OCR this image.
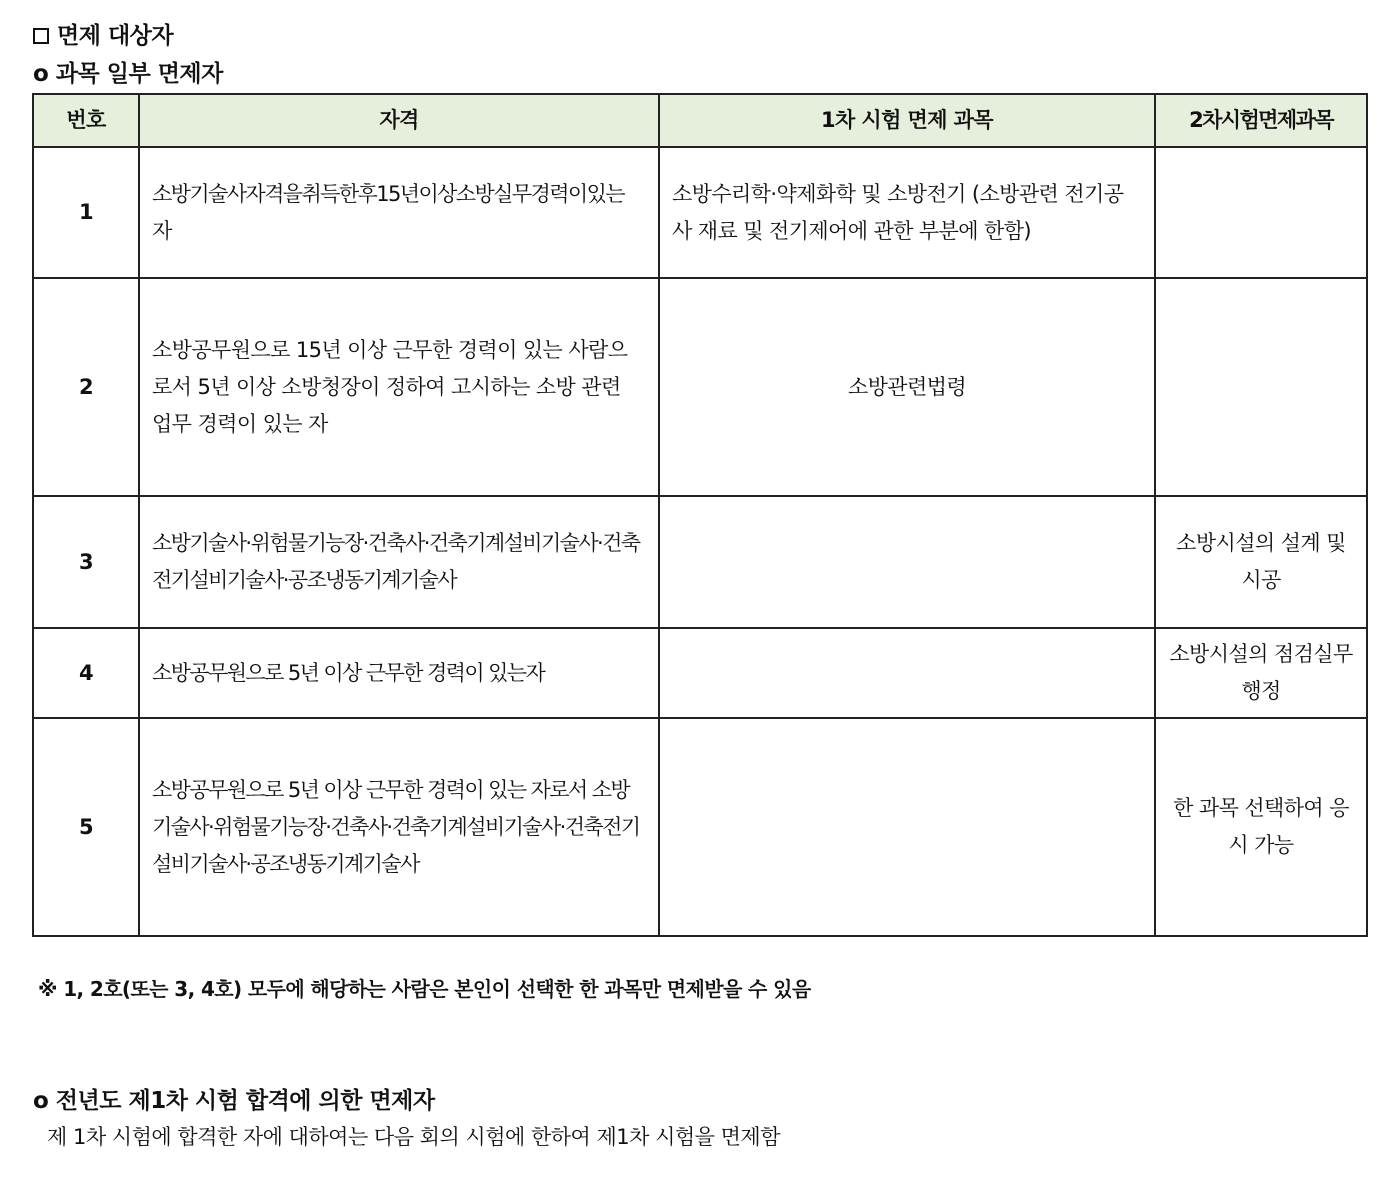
면제 대상자
o 과목 일부 면제자
번호	자격	1차 시험 면제 과목	2차시험면제과목
1	소방기술사자격을취득한후15년이상소방실무경력이있는 자	소방수리학·약제화학 및 소방전기 (소방관련 전기공사 재료 및 전기제어에 관한 부분에 한함)	
2	소방공무원으로 15년 이상 근무한 경력이 있는 사람으로서 5년 이상 소방청장이 정하여 고시하는 소방 관련 업무 경력이 있는 자	소방관련법령	
3	소방기술사·위험물기능장·건축사·건축기계설비기술사·건축전기설비기술사·공조냉동기계기술사		소방시설의 설계 및 시공
4	소방공무원으로 5년 이상 근무한 경력이 있는자		소방시설의 점검실무 행정
5	소방공무원으로 5년 이상 근무한 경력이 있는 자로서 소방기술사·위험물기능장·건축사·건축기계설비기술사·건축전기설비기술사·공조냉동기계기술사		한 과목 선택하여 응시 가능
※ 1, 2호(또는 3, 4호) 모두에 해당하는 사람은 본인이 선택한 한 과목만 면제받을 수 있음
o 전년도 제1차 시험 합격에 의한 면제자
제 1차 시험에 합격한 자에 대하여는 다음 회의 시험에 한하여 제1차 시험을 면제함
